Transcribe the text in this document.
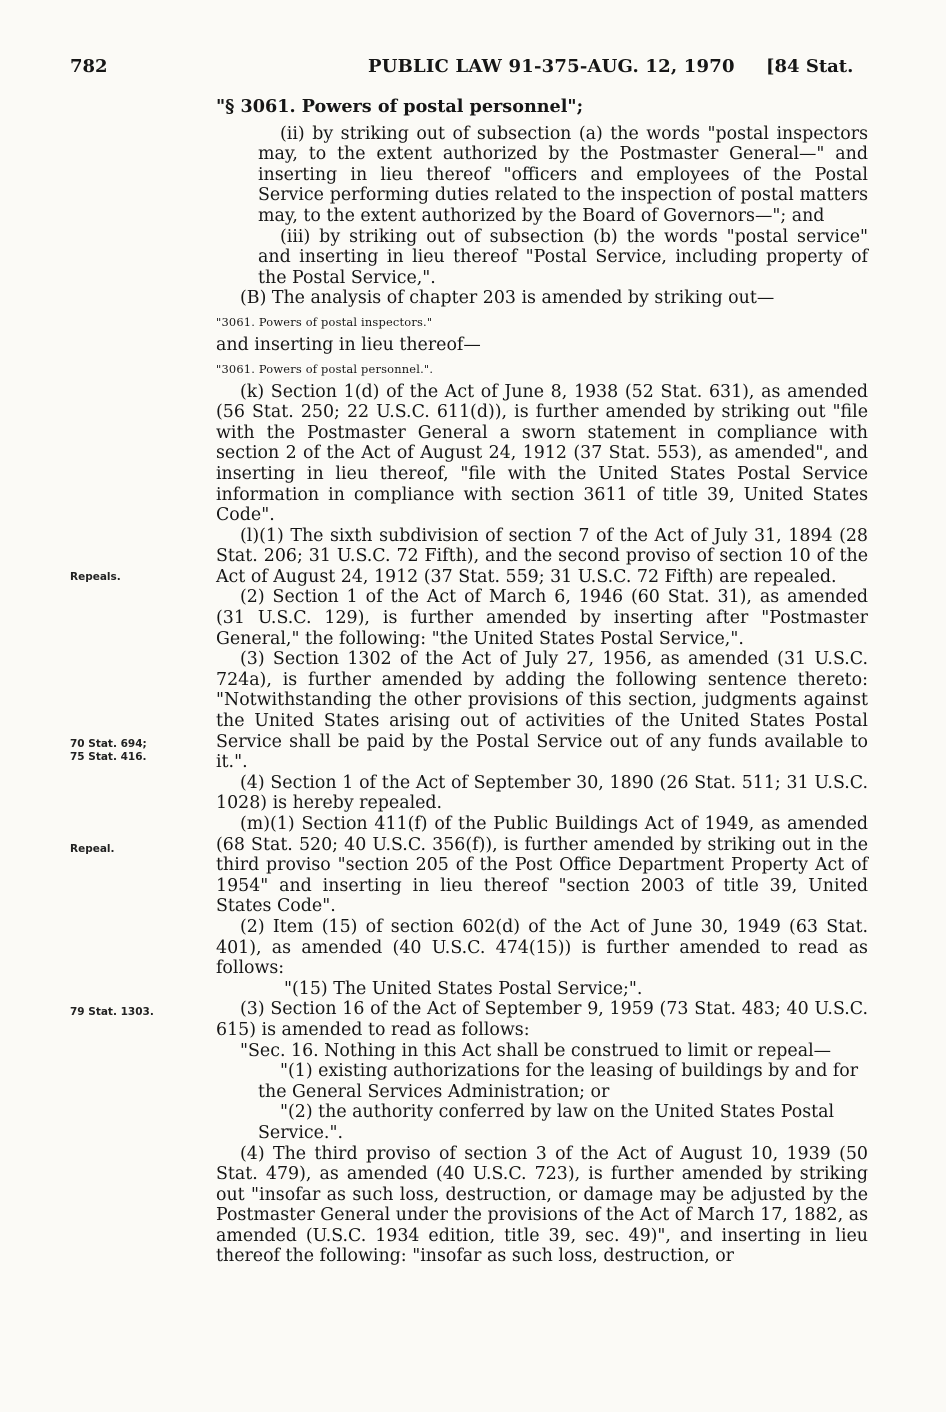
782	PUBLIC LAW 91-375-AUG. 12, 1970 [84 Stat.
Repeals.
70 Stat. 694;
75 Stat. 416.
Repeal.
79 Stat. 1303.

"§ 3061. Powers of postal personnel";

(ii) by striking out of subsection (a) the words "postal inspectors may, to the extent authorized by the Postmaster General—" and inserting in lieu thereof "officers and employees of the Postal Service performing duties related to the inspection of postal matters may, to the extent authorized by the Board of Governors—"; and

(iii) by striking out of subsection (b) the words "postal service" and inserting in lieu thereof "Postal Service, including property of the Postal Service,".

(B) The analysis of chapter 203 is amended by striking out—

"3061. Powers of postal inspectors."

and inserting in lieu thereof—

"3061. Powers of postal personnel.".

(k) Section 1(d) of the Act of June 8, 1938 (52 Stat. 631), as amended (56 Stat. 250; 22 U.S.C. 611(d)), is further amended by striking out "file with the Postmaster General a sworn statement in compliance with section 2 of the Act of August 24, 1912 (37 Stat. 553), as amended", and inserting in lieu thereof, "file with the United States Postal Service information in compliance with section 3611 of title 39, United States Code".

(l)(1) The sixth subdivision of section 7 of the Act of July 31, 1894 (28 Stat. 206; 31 U.S.C. 72 Fifth), and the second proviso of section 10 of the Act of August 24, 1912 (37 Stat. 559; 31 U.S.C. 72 Fifth) are repealed.

(2) Section 1 of the Act of March 6, 1946 (60 Stat. 31), as amended (31 U.S.C. 129), is further amended by inserting after "Postmaster General," the following: "the United States Postal Service,".

(3) Section 1302 of the Act of July 27, 1956, as amended (31 U.S.C. 724a), is further amended by adding the following sentence thereto: "Notwithstanding the other provisions of this section, judgments against the United States arising out of activities of the United States Postal Service shall be paid by the Postal Service out of any funds available to it.".

(4) Section 1 of the Act of September 30, 1890 (26 Stat. 511; 31 U.S.C. 1028) is hereby repealed.

(m)(1) Section 411(f) of the Public Buildings Act of 1949, as amended (68 Stat. 520; 40 U.S.C. 356(f)), is further amended by striking out in the third proviso "section 205 of the Post Office Department Property Act of 1954" and inserting in lieu thereof "section 2003 of title 39, United States Code".

(2) Item (15) of section 602(d) of the Act of June 30, 1949 (63 Stat. 401), as amended (40 U.S.C. 474(15)) is further amended to read as follows:

"(15) The United States Postal Service;".

(3) Section 16 of the Act of September 9, 1959 (73 Stat. 483; 40 U.S.C. 615) is amended to read as follows:

"Sec. 16. Nothing in this Act shall be construed to limit or repeal—

"(1) existing authorizations for the leasing of buildings by and for the General Services Administration; or

"(2) the authority conferred by law on the United States Postal Service.".

(4) The third proviso of section 3 of the Act of August 10, 1939 (50 Stat. 479), as amended (40 U.S.C. 723), is further amended by striking out "insofar as such loss, destruction, or damage may be adjusted by the Postmaster General under the provisions of the Act of March 17, 1882, as amended (U.S.C. 1934 edition, title 39, sec. 49)", and inserting in lieu thereof the following: "insofar as such loss, destruction, or
